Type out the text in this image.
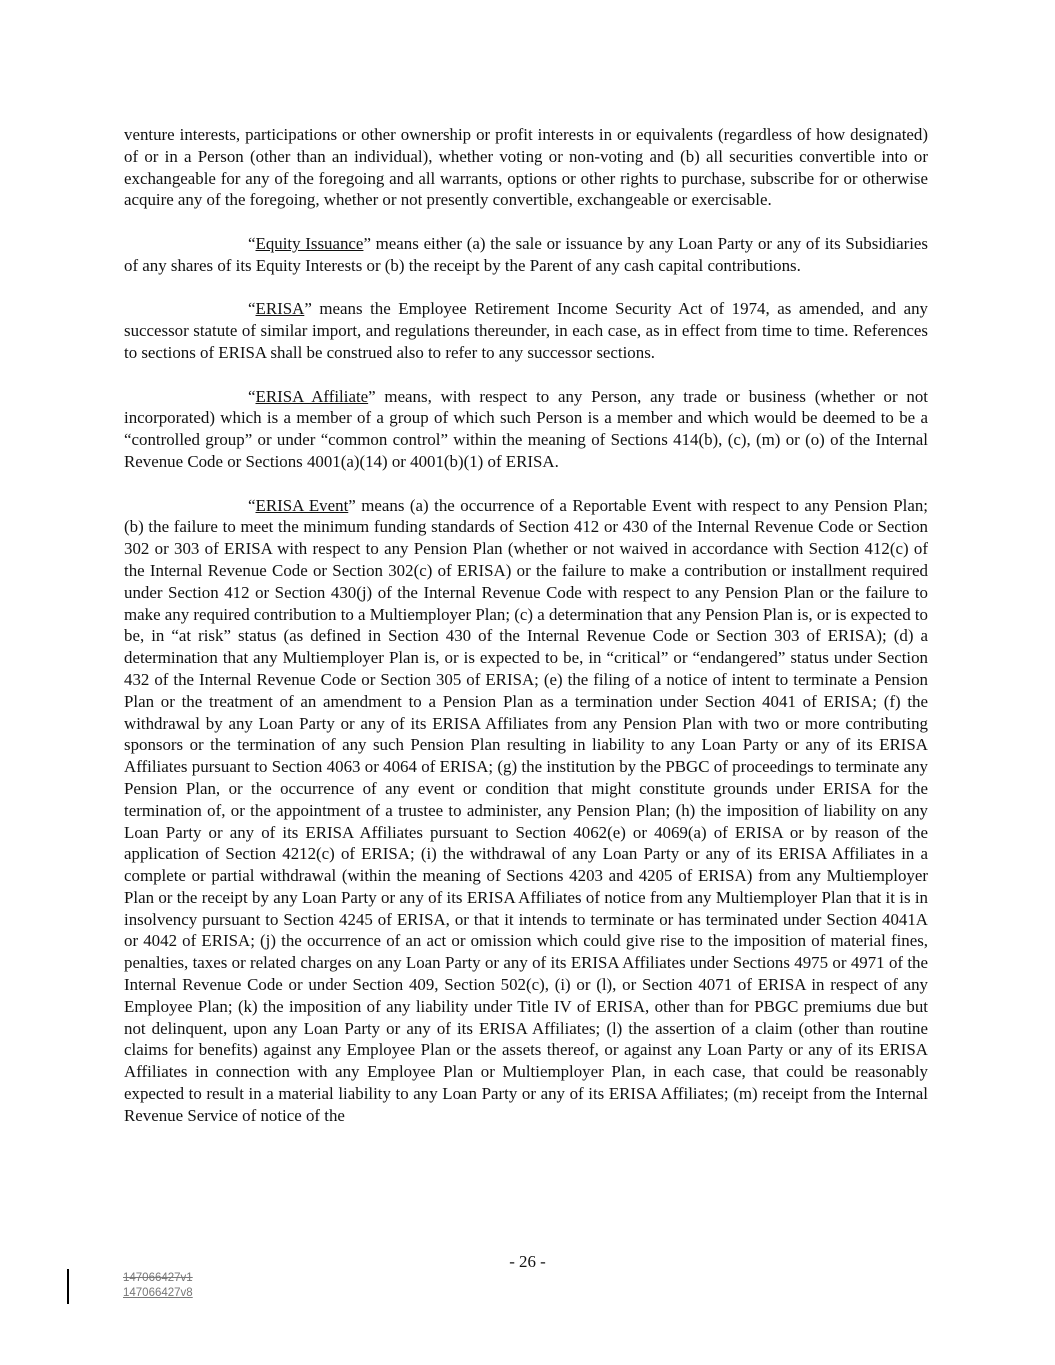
venture interests, participations or other ownership or profit interests in or equivalents (regardless of how designated) of or in a Person (other than an individual), whether voting or non-voting and (b) all securities convertible into or exchangeable for any of the foregoing and all warrants, options or other rights to purchase, subscribe for or otherwise acquire any of the foregoing, whether or not presently convertible, exchangeable or exercisable.

“Equity Issuance” means either (a) the sale or issuance by any Loan Party or any of its Subsidiaries of any shares of its Equity Interests or (b) the receipt by the Parent of any cash capital contributions.

“ERISA” means the Employee Retirement Income Security Act of 1974, as amended, and any successor statute of similar import, and regulations thereunder, in each case, as in effect from time to time. References to sections of ERISA shall be construed also to refer to any successor sections.

“ERISA Affiliate” means, with respect to any Person, any trade or business (whether or not incorporated) which is a member of a group of which such Person is a member and which would be deemed to be a “controlled group” or under “common control” within the meaning of Sections 414(b), (c), (m) or (o) of the Internal Revenue Code or Sections 4001(a)(14) or 4001(b)(1) of ERISA.

“ERISA Event” means (a) the occurrence of a Reportable Event with respect to any Pension Plan; (b) the failure to meet the minimum funding standards of Section 412 or 430 of the Internal Revenue Code or Section 302 or 303 of ERISA with respect to any Pension Plan (whether or not waived in accordance with Section 412(c) of the Internal Revenue Code or Section 302(c) of ERISA) or the failure to make a contribution or installment required under Section 412 or Section 430(j) of the Internal Revenue Code with respect to any Pension Plan or the failure to make any required contribution to a Multiemployer Plan; (c) a determination that any Pension Plan is, or is expected to be, in “at risk” status (as defined in Section 430 of the Internal Revenue Code or Section 303 of ERISA); (d) a determination that any Multiemployer Plan is, or is expected to be, in “critical” or “endangered” status under Section 432 of the Internal Revenue Code or Section 305 of ERISA; (e) the filing of a notice of intent to terminate a Pension Plan or the treatment of an amendment to a Pension Plan as a termination under Section 4041 of ERISA; (f) the withdrawal by any Loan Party or any of its ERISA Affiliates from any Pension Plan with two or more contributing sponsors or the termination of any such Pension Plan resulting in liability to any Loan Party or any of its ERISA Affiliates pursuant to Section 4063 or 4064 of ERISA; (g) the institution by the PBGC of proceedings to terminate any Pension Plan, or the occurrence of any event or condition that might constitute grounds under ERISA for the termination of, or the appointment of a trustee to administer, any Pension Plan; (h) the imposition of liability on any Loan Party or any of its ERISA Affiliates pursuant to Section 4062(e) or 4069(a) of ERISA or by reason of the application of Section 4212(c) of ERISA; (i) the withdrawal of any Loan Party or any of its ERISA Affiliates in a complete or partial withdrawal (within the meaning of Sections 4203 and 4205 of ERISA) from any Multiemployer Plan or the receipt by any Loan Party or any of its ERISA Affiliates of notice from any Multiemployer Plan that it is in insolvency pursuant to Section 4245 of ERISA, or that it intends to terminate or has terminated under Section 4041A or 4042 of ERISA; (j) the occurrence of an act or omission which could give rise to the imposition of material fines, penalties, taxes or related charges on any Loan Party or any of its ERISA Affiliates under Sections 4975 or 4971 of the Internal Revenue Code or under Section 409, Section 502(c), (i) or (l), or Section 4071 of ERISA in respect of any Employee Plan; (k) the imposition of any liability under Title IV of ERISA, other than for PBGC premiums due but not delinquent, upon any Loan Party or any of its ERISA Affiliates; (l) the assertion of a claim (other than routine claims for benefits) against any Employee Plan or the assets thereof, or against any Loan Party or any of its ERISA Affiliates in connection with any Employee Plan or Multiemployer Plan, in each case, that could be reasonably expected to result in a material liability to any Loan Party or any of its ERISA Affiliates; (m) receipt from the Internal Revenue Service of notice of the

- 26 -
147066427v1
147066427v8
